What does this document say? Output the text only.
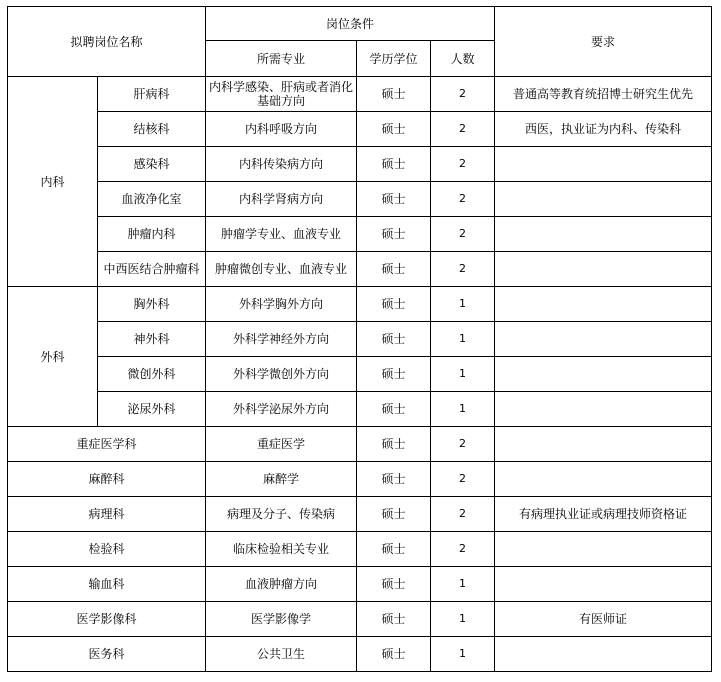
拟聘岗位名称		岗位条件			要求
		所需专业	学历学位	人数	
内科	肝病科	内科学感染、肝病或者消化基础方向	硕士	2	普通高等教育统招博士研究生优先
	结核科	内科呼吸方向	硕士	2	西医，执业证为内科、传染科
	感染科	内科传染病方向	硕士	2	
	血液净化室	内科学肾病方向	硕士	2	
	肿瘤内科	肿瘤学专业、血液专业	硕士	2	
	中西医结合肿瘤科	肿瘤微创专业、血液专业	硕士	2	
外科	胸外科	外科学胸外方向	硕士	1	
	神外科	外科学神经外方向	硕士	1	
	微创外科	外科学微创外方向	硕士	1	
	泌尿外科	外科学泌尿外方向	硕士	1	
重症医学科		重症医学	硕士	2	
麻醉科		麻醉学	硕士	2	
病理科		病理及分子、传染病	硕士	2	有病理执业证或病理技师资格证
检验科		临床检验相关专业	硕士	2	
输血科		血液肿瘤方向	硕士	1	
医学影像科		医学影像学	硕士	1	有医师证
医务科		公共卫生	硕士	1	
